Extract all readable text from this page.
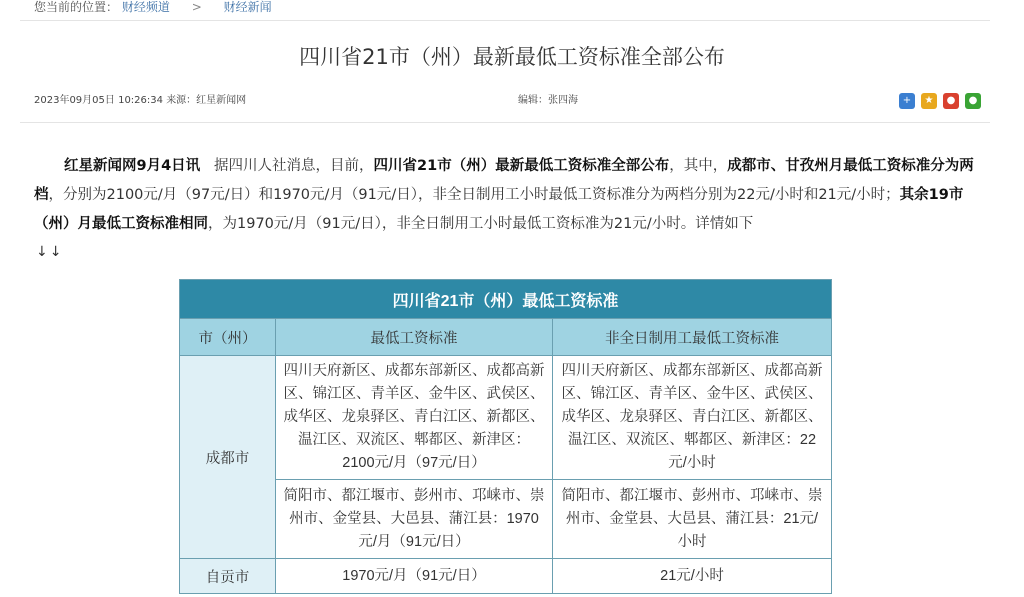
您当前的位置： 财经频道 > 财经新闻
四川省21市（州）最新最低工资标准全部公布
2023年09月05日 10:26:34 来源：红星新闻网	编辑：张四海	+	★	●	●

红星新闻网9月4日讯 据四川人社消息，目前，四川省21市（州）最新最低工资标准全部公布，其中，成都市、甘孜州月最低工资标准分为两档，分别为2100元/月（97元/日）和1970元/月（91元/日），非全日制用工小时最低工资标准分为两档分别为22元/小时和21元/小时；其余19市（州）月最低工资标准相同，为1970元/月（91元/日），非全日制用工小时最低工资标准为21元/小时。详情如下

↓↓
四川省21市（州）最低工资标准		
市（州）	最低工资标准	非全日制用工最低工资标准
成都市	四川天府新区、成都东部新区、成都高新区、锦江区、青羊区、金牛区、武侯区、成华区、龙泉驿区、青白江区、新都区、温江区、双流区、郫都区、新津区：2100元/月（97元/日）	四川天府新区、成都东部新区、成都高新区、锦江区、青羊区、金牛区、武侯区、成华区、龙泉驿区、青白江区、新都区、温江区、双流区、郫都区、新津区：22元/小时
	简阳市、都江堰市、彭州市、邛崃市、崇州市、金堂县、大邑县、蒲江县：1970元/月（91元/日）	简阳市、都江堰市、彭州市、邛崃市、崇州市、金堂县、大邑县、蒲江县：21元/小时
自贡市	1970元/月（91元/日）	21元/小时
